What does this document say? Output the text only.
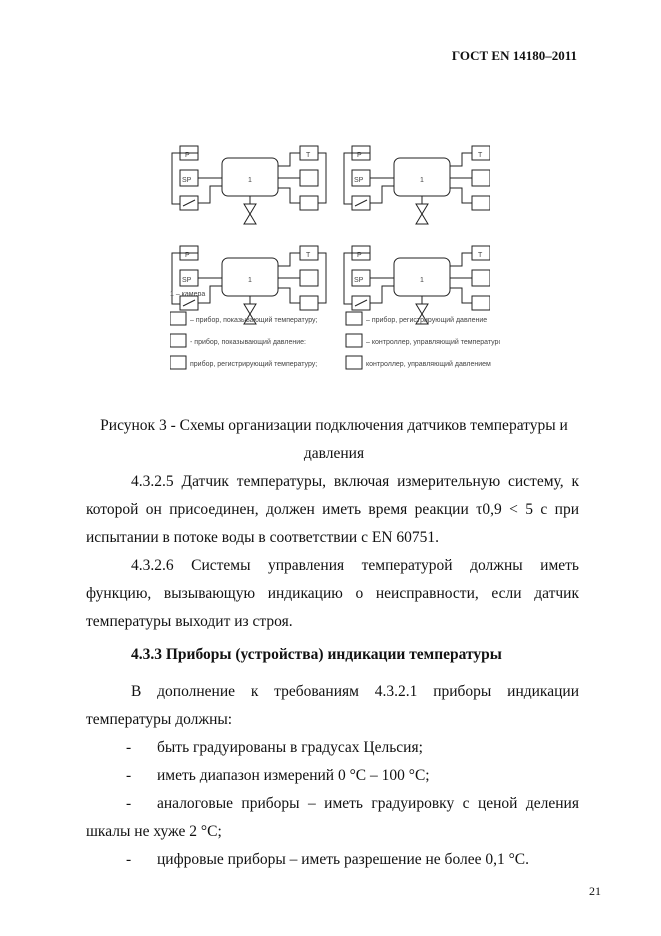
ГОСТ EN 14180–2011
P
SP	1
T
1 – камера
– прибор, показывающий температуру;	– прибор, регистрирующий давление
- прибор, показывающий давление:	– контроллер, управляющий температурой:
прибор, регистрирующий температуру;	контроллер, управляющий давлением
Рисунок 3 - Схемы организации подключения датчиков температуры и давления
4.3.2.5 Датчик температуры, включая измерительную систему, к которой он присоединен, должен иметь время реакции τ0,9 < 5 с при испытании в потоке воды в соответствии с EN 60751.
4.3.2.6 Системы управления температурой должны иметь функцию, вызывающую индикацию о неисправности, если датчик температуры выходит из строя.
4.3.3 Приборы (устройства) индикации температуры
В дополнение к требованиям 4.3.2.1 приборы индикации температуры должны:
-	быть градуированы в градусах Цельсия;
-	иметь диапазон измерений 0 °С – 100 °С;
-	аналоговые приборы – иметь градуировку с ценой деления шкалы не хуже 2 °С;
-	цифровые приборы – иметь разрешение не более 0,1 °С.
21
